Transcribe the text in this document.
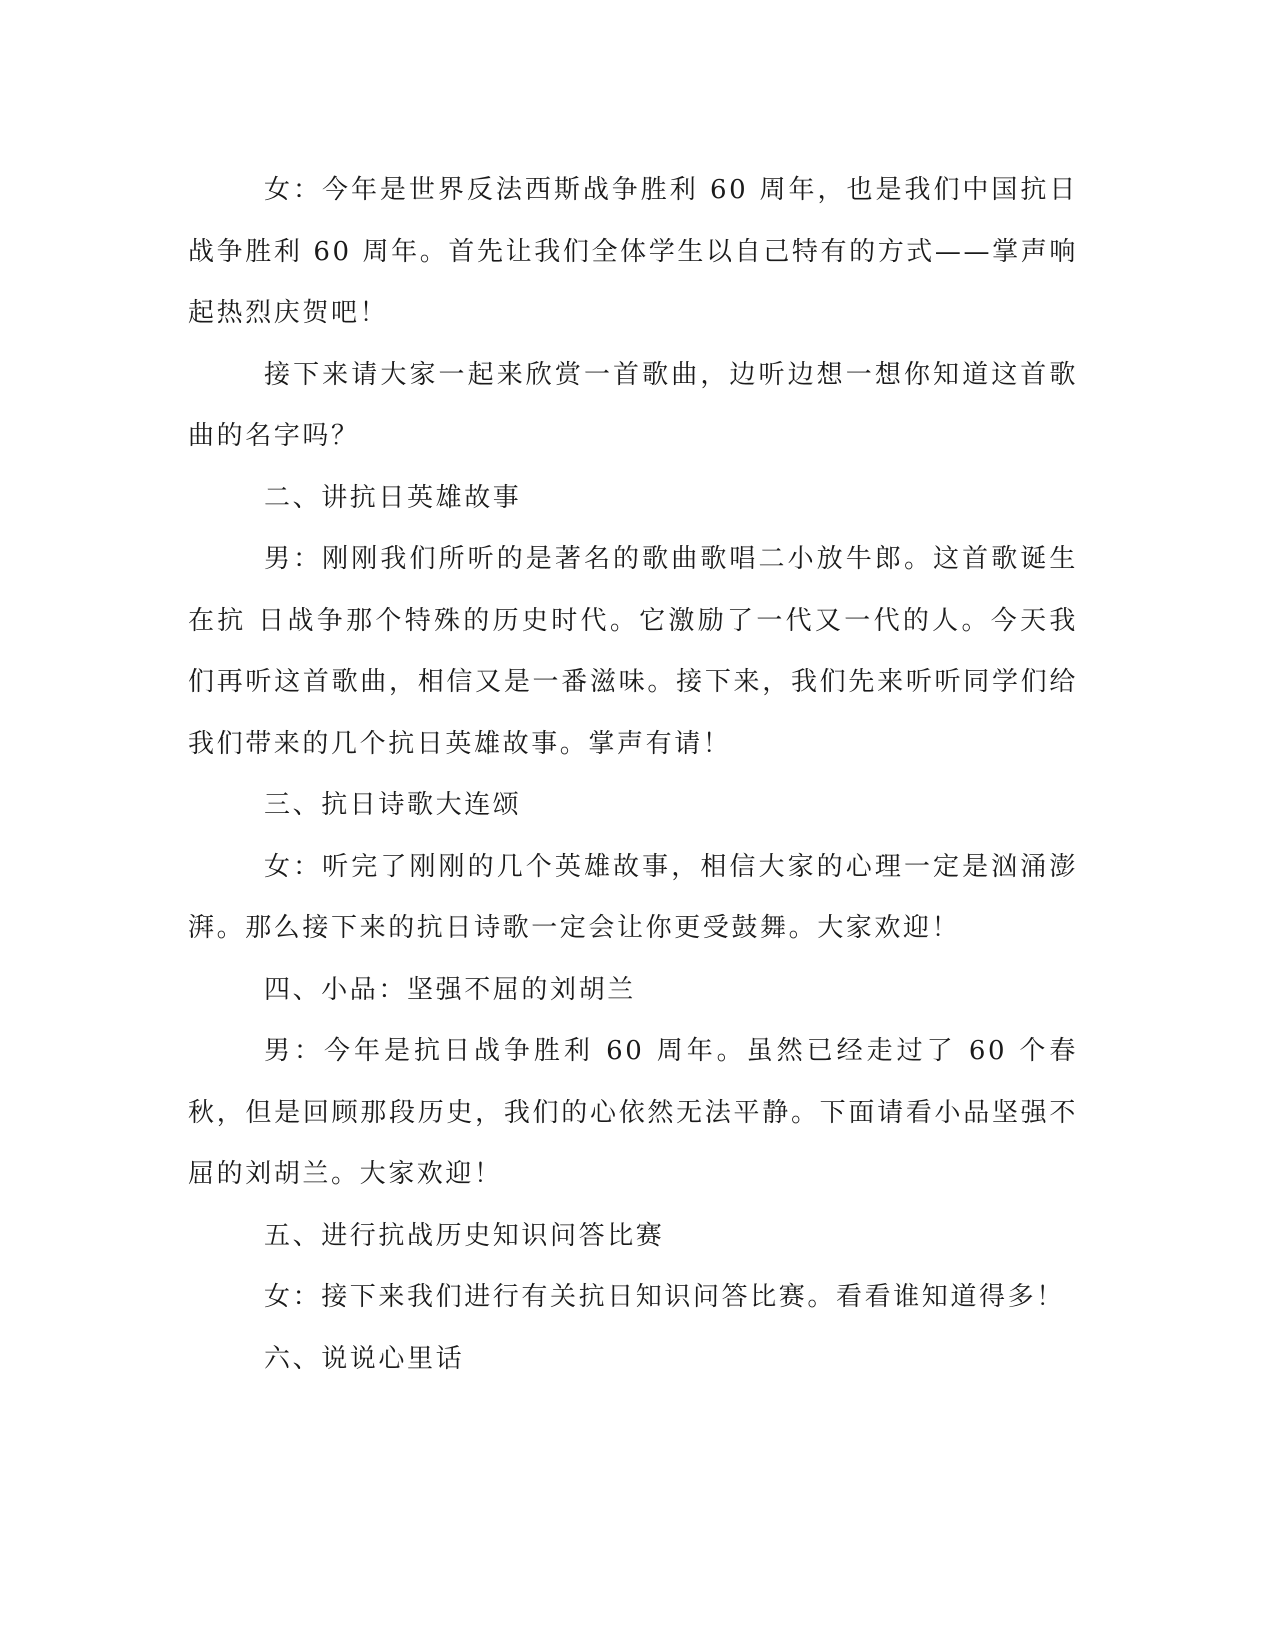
女：今年是世界反法西斯战争胜利 60 周年，也是我们中国抗日战争胜利 60 周年。首先让我们全体学生以自己特有的方式——掌声响起热烈庆贺吧！

接下来请大家一起来欣赏一首歌曲，边听边想一想你知道这首歌曲的名字吗？

二、讲抗日英雄故事

男：刚刚我们所听的是著名的歌曲歌唱二小放牛郎。这首歌诞生在抗 日战争那个特殊的历史时代。它激励了一代又一代的人。今天我们再听这首歌曲，相信又是一番滋味。接下来，我们先来听听同学们给我们带来的几个抗日英雄故事。掌声有请！

三、抗日诗歌大连颂

女：听完了刚刚的几个英雄故事，相信大家的心理一定是汹涌澎湃。那么接下来的抗日诗歌一定会让你更受鼓舞。大家欢迎！

四、小品：坚强不屈的刘胡兰

男：今年是抗日战争胜利 60 周年。虽然已经走过了 60 个春秋，但是回顾那段历史，我们的心依然无法平静。下面请看小品坚强不屈的刘胡兰。大家欢迎！

五、进行抗战历史知识问答比赛

女：接下来我们进行有关抗日知识问答比赛。看看谁知道得多！

六、说说心里话
